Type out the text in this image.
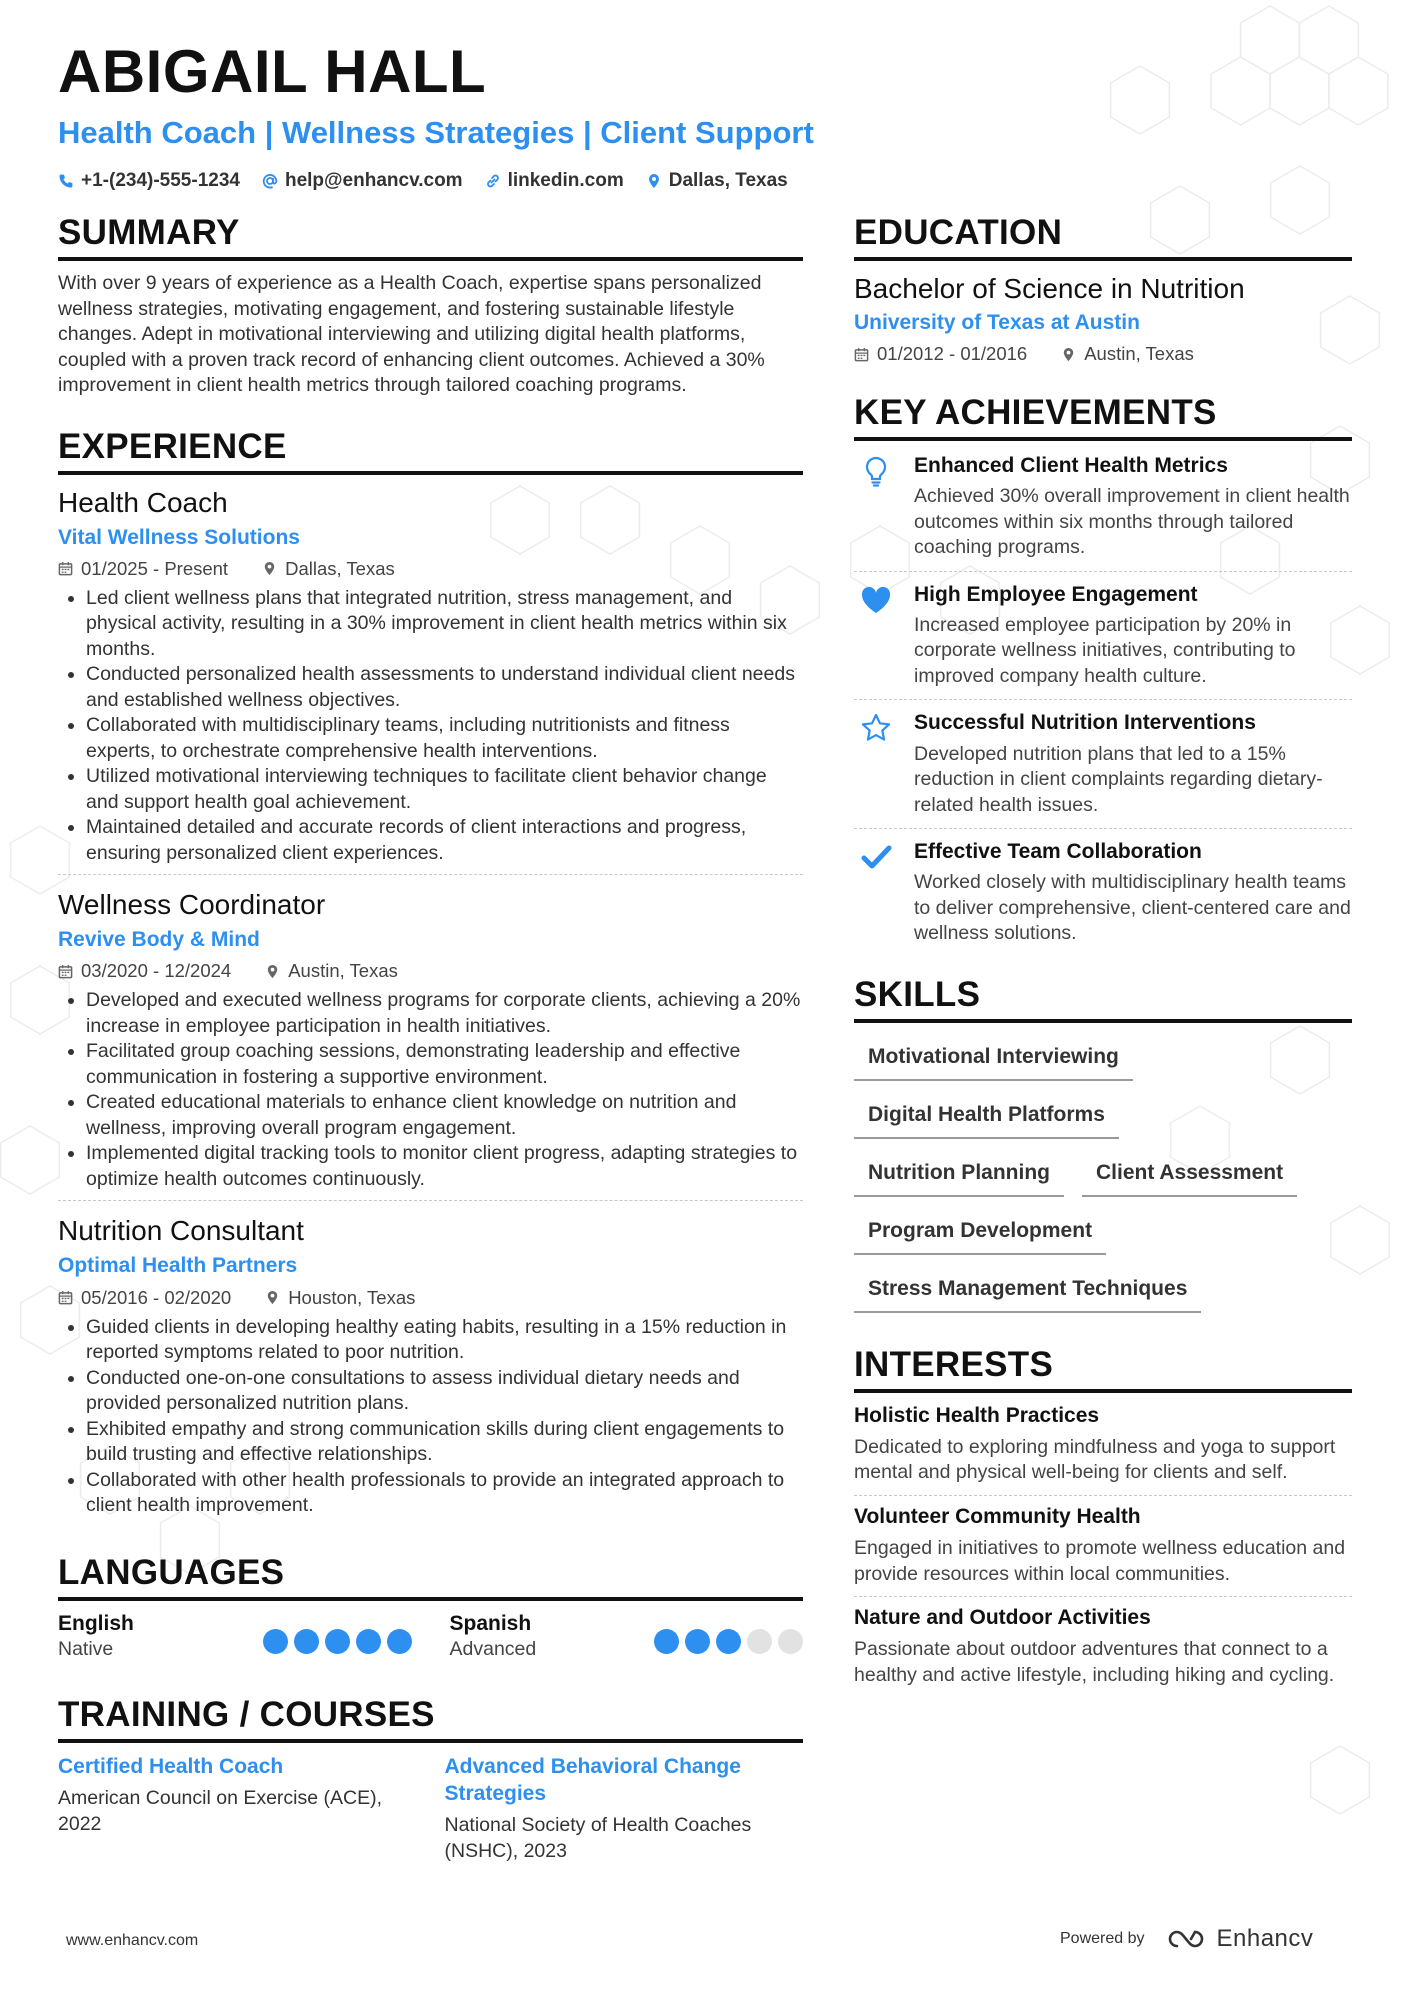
ABIGAIL HALL
Health Coach | Wellness Strategies | Client Support
+1-(234)-555-1234 help@enhancv.com linkedin.com Dallas, Texas
SUMMARY
With over 9 years of experience as a Health Coach, expertise spans personalized wellness strategies, motivating engagement, and fostering sustainable lifestyle changes. Adept in motivational interviewing and utilizing digital health platforms, coupled with a proven track record of enhancing client outcomes. Achieved a 30% improvement in client health metrics through tailored coaching programs.
EXPERIENCE
Health Coach
Vital Wellness Solutions
01/2025 - Present	Dallas, Texas
• Led client wellness plans that integrated nutrition, stress management, and physical activity, resulting in a 30% improvement in client health metrics within six months.
• Conducted personalized health assessments to understand individual client needs and established wellness objectives.
• Collaborated with multidisciplinary teams, including nutritionists and fitness experts, to orchestrate comprehensive health interventions.
• Utilized motivational interviewing techniques to facilitate client behavior change and support health goal achievement.
• Maintained detailed and accurate records of client interactions and progress, ensuring personalized client experiences.
Wellness Coordinator
Revive Body & Mind
03/2020 - 12/2024	Austin, Texas
• Developed and executed wellness programs for corporate clients, achieving a 20% increase in employee participation in health initiatives.
• Facilitated group coaching sessions, demonstrating leadership and effective communication in fostering a supportive environment.
• Created educational materials to enhance client knowledge on nutrition and wellness, improving overall program engagement.
• Implemented digital tracking tools to monitor client progress, adapting strategies to optimize health outcomes continuously.
Nutrition Consultant
Optimal Health Partners
05/2016 - 02/2020	Houston, Texas
• Guided clients in developing healthy eating habits, resulting in a 15% reduction in reported symptoms related to poor nutrition.
• Conducted one-on-one consultations to assess individual dietary needs and provided personalized nutrition plans.
• Exhibited empathy and strong communication skills during client engagements to build trusting and effective relationships.
• Collaborated with other health professionals to provide an integrated approach to client health improvement.
LANGUAGES
English
Native
Spanish
Advanced
TRAINING / COURSES
Certified Health Coach
American Council on Exercise (ACE), 2022
Advanced Behavioral Change Strategies
National Society of Health Coaches (NSHC), 2023
EDUCATION
Bachelor of Science in Nutrition
University of Texas at Austin
01/2012 - 01/2016	Austin, Texas
KEY ACHIEVEMENTS
Enhanced Client Health Metrics
Achieved 30% overall improvement in client health outcomes within six months through tailored coaching programs.
High Employee Engagement
Increased employee participation by 20% in corporate wellness initiatives, contributing to improved company health culture.
Successful Nutrition Interventions
Developed nutrition plans that led to a 15% reduction in client complaints regarding dietary-related health issues.
Effective Team Collaboration
Worked closely with multidisciplinary health teams to deliver comprehensive, client-centered care and wellness solutions.
SKILLS
Motivational Interviewing
Digital Health Platforms
Nutrition Planning	Client Assessment
Program Development
Stress Management Techniques
INTERESTS
Holistic Health Practices
Dedicated to exploring mindfulness and yoga to support mental and physical well-being for clients and self.
Volunteer Community Health
Engaged in initiatives to promote wellness education and provide resources within local communities.
Nature and Outdoor Activities
Passionate about outdoor adventures that connect to a healthy and active lifestyle, including hiking and cycling.
www.enhancv.com	Powered by	Enhancv
